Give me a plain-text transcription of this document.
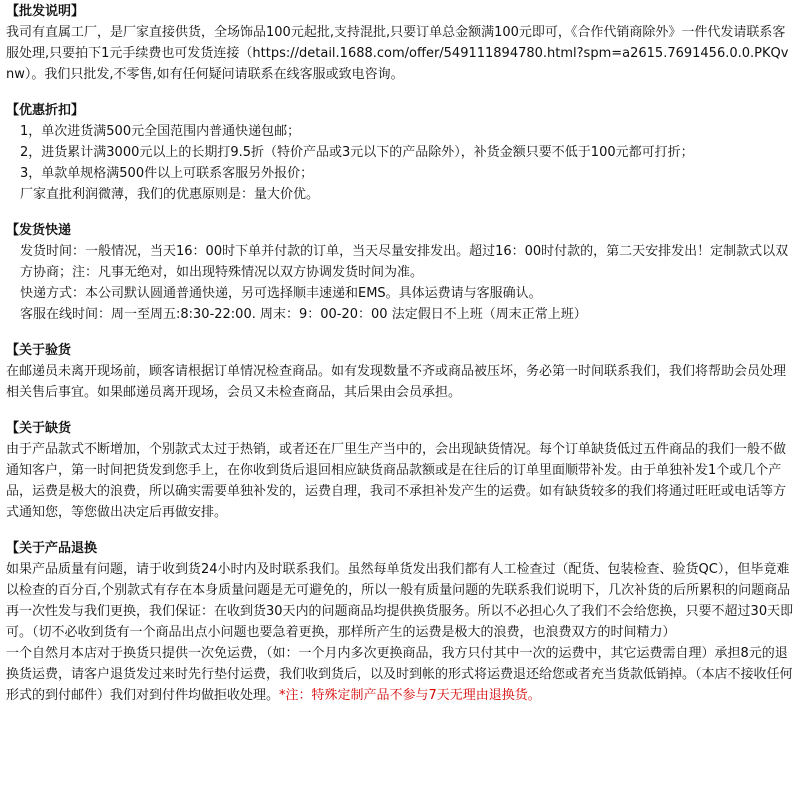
【批发说明】
我司有直属工厂，是厂家直接供货，全场饰品100元起批,支持混批,只要订单总金额满100元即可，《合作代销商除外》一件代发请联系客服处理,只要拍下1元手续费也可发货连接（https://detail.1688.com/offer/549111894780.html?spm=a2615.7691456.0.0.PKQvnw）。我们只批发,不零售,如有任何疑问请联系在线客服或致电咨询。
【优惠折扣】
1，单次进货满500元全国范围内普通快递包邮；
2，进货累计满3000元以上的长期打9.5折（特价产品或3元以下的产品除外），补货金额只要不低于100元都可打折；
3，单款单规格满500件以上可联系客服另外报价；
厂家直批利润微薄，我们的优惠原则是：量大价优。
【发货快递
发货时间：一般情况，当天16：00时下单并付款的订单，当天尽量安排发出。超过16：00时付款的，第二天安排发出！定制款式以双方协商；注：凡事无绝对，如出现特殊情况以双方协调发货时间为准。
快递方式：本公司默认圆通普通快递，另可选择顺丰速递和EMS。具体运费请与客服确认。
客服在线时间：周一至周五:8:30-22:00. 周末：9：00-20：00 法定假日不上班（周末正常上班）
【关于验货
在邮递员未离开现场前，顾客请根据订单情况检查商品。如有发现数量不齐或商品被压坏，务必第一时间联系我们，我们将帮助会员处理相关售后事宜。如果邮递员离开现场，会员又未检查商品，其后果由会员承担。
【关于缺货
由于产品款式不断增加，个别款式太过于热销，或者还在厂里生产当中的，会出现缺货情况。每个订单缺货低过五件商品的我们一般不做通知客户，第一时间把货发到您手上，在你收到货后退回相应缺货商品款额或是在往后的订单里面顺带补发。由于单独补发1个或几个产品，运费是极大的浪费，所以确实需要单独补发的，运费自理，我司不承担补发产生的运费。如有缺货较多的我们将通过旺旺或电话等方式通知您，等您做出决定后再做安排。
【关于产品退换
如果产品质量有问题，请于收到货24小时内及时联系我们。虽然每单货发出我们都有人工检查过（配货、包装检查、验货QC），但毕竟难以检查的百分百,个别款式有存在本身质量问题是无可避免的，所以一般有质量问题的先联系我们说明下，几次补货的后所累积的问题商品再一次性发与我们更换，我们保证：在收到货30天内的问题商品均提供换货服务。所以不必担心久了我们不会给您换，只要不超过30天即可。（切不必收到货有一个商品出点小问题也要急着更换，那样所产生的运费是极大的浪费，也浪费双方的时间精力）
一个自然月本店对于换货只提供一次免运费，（如：一个月内多次更换商品，我方只付其中一次的运费中，其它运费需自理）承担8元的退换货运费，请客户退货发过来时先行垫付运费，我们收到货后，以及时到帐的形式将运费退还给您或者充当货款低销掉。（本店不接收任何形式的到付邮件）我们对到付件均做拒收处理。*注：特殊定制产品不参与7天无理由退换货。
